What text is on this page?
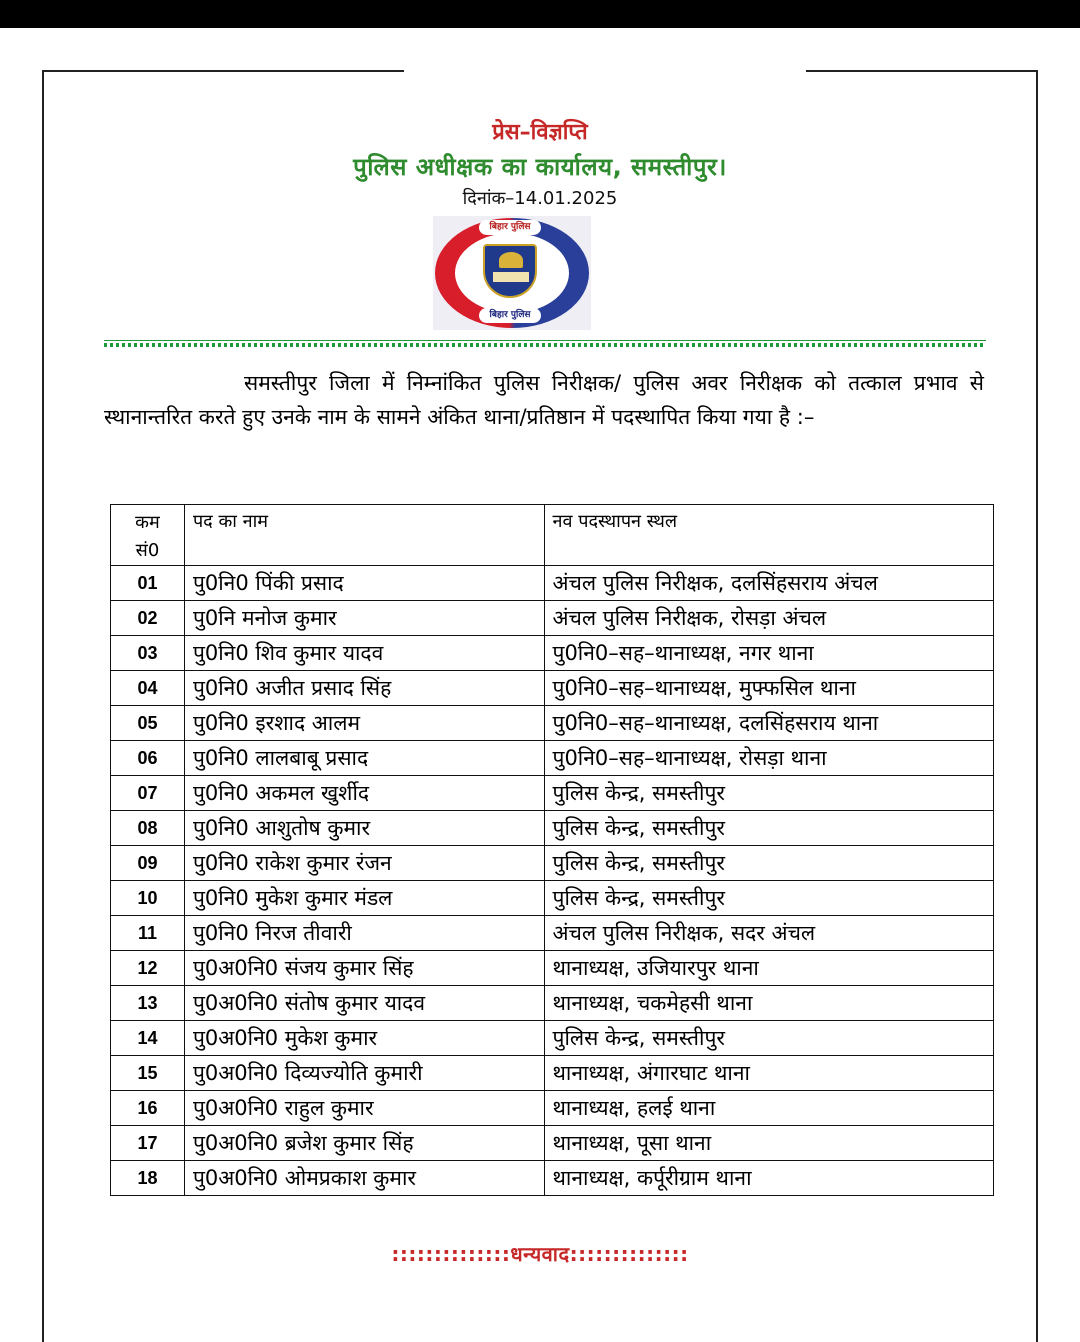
प्रेस–विज्ञप्ति
पुलिस अधीक्षक का कार्यालय, समस्तीपुर।
दिनांक–14.01.2025
बिहार पुलिस
बिहार पुलिस
समस्तीपुर जिला में निम्नांकित पुलिस निरीक्षक/ पुलिस अवर निरीक्षक को तत्काल प्रभाव से स्थानान्तरित करते हुए उनके नाम के सामने अंकित थाना/प्रतिष्ठान में पदस्थापित किया गया है :–
कम
सं0	पद का नाम	नव पदस्थापन स्थल
01	पु0नि0 पिंकी प्रसाद	अंचल पुलिस निरीक्षक, दलसिंहसराय अंचल
02	पु0नि मनोज कुमार	अंचल पुलिस निरीक्षक, रोसड़ा अंचल
03	पु0नि0 शिव कुमार यादव	पु0नि0–सह–थानाध्यक्ष, नगर थाना
04	पु0नि0 अजीत प्रसाद सिंह	पु0नि0–सह–थानाध्यक्ष, मुफ्फसिल थाना
05	पु0नि0 इरशाद आलम	पु0नि0–सह–थानाध्यक्ष, दलसिंहसराय थाना
06	पु0नि0 लालबाबू प्रसाद	पु0नि0–सह–थानाध्यक्ष, रोसड़ा थाना
07	पु0नि0 अकमल खुर्शीद	पुलिस केन्द्र, समस्तीपुर
08	पु0नि0 आशुतोष कुमार	पुलिस केन्द्र, समस्तीपुर
09	पु0नि0 राकेश कुमार रंजन	पुलिस केन्द्र, समस्तीपुर
10	पु0नि0 मुकेश कुमार मंडल	पुलिस केन्द्र, समस्तीपुर
11	पु0नि0 निरज तीवारी	अंचल पुलिस निरीक्षक, सदर अंचल
12	पु0अ0नि0 संजय कुमार सिंह	थानाध्यक्ष, उजियारपुर थाना
13	पु0अ0नि0 संतोष कुमार यादव	थानाध्यक्ष, चकमेहसी थाना
14	पु0अ0नि0 मुकेश कुमार	पुलिस केन्द्र, समस्तीपुर
15	पु0अ0नि0 दिव्यज्योति कुमारी	थानाध्यक्ष, अंगारघाट थाना
16	पु0अ0नि0 राहुल कुमार	थानाध्यक्ष, हलई थाना
17	पु0अ0नि0 ब्रजेश कुमार सिंह	थानाध्यक्ष, पूसा थाना
18	पु0अ0नि0 ओमप्रकाश कुमार	थानाध्यक्ष, कर्पूरीग्राम थाना
::::::::::::::धन्यवाद::::::::::::::
